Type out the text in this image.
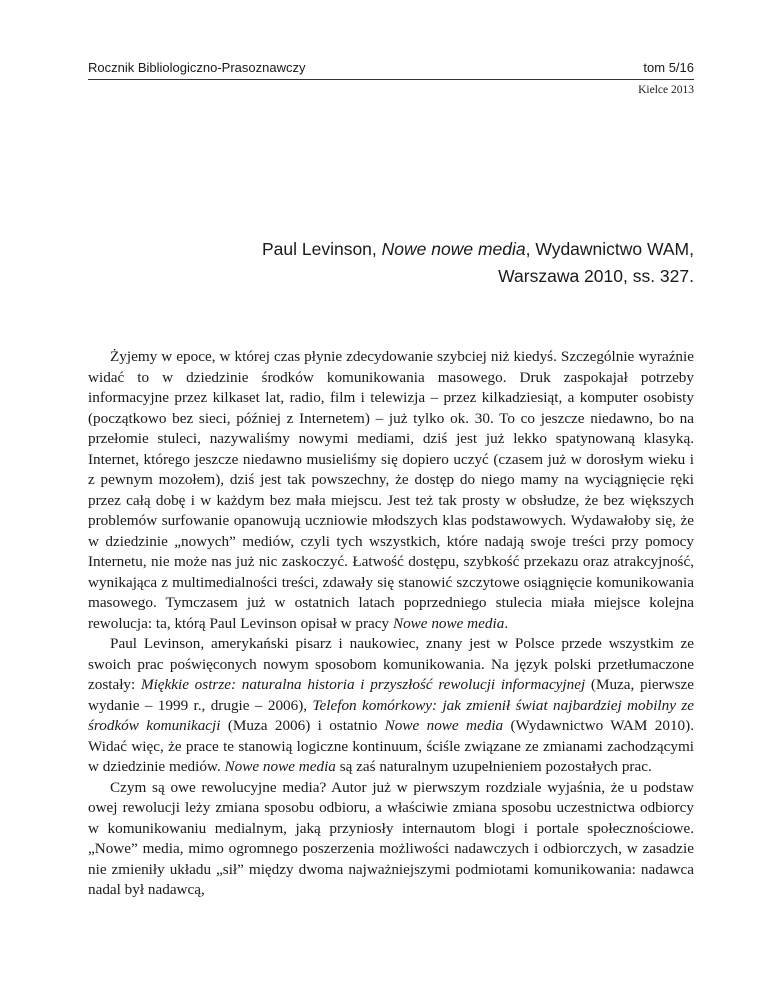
Rocznik Bibliologiczno-Prasoznawczy	tom 5/16
Kielce 2013
Paul Levinson, Nowe nowe media, Wydawnictwo WAM,
Warszawa 2010, ss. 327.

Żyjemy w epoce, w której czas płynie zdecydowanie szybciej niż kiedyś. Szczególnie wyraźnie widać to w dziedzinie środków komunikowania masowego. Druk zaspokajał potrzeby informacyjne przez kilkaset lat, radio, film i telewizja – przez kilkadziesiąt, a komputer osobisty (początkowo bez sieci, później z Internetem) – już tylko ok. 30. To co jeszcze niedawno, bo na przełomie stuleci, nazywaliśmy nowymi mediami, dziś jest już lekko spatynowaną klasyką. Internet, którego jeszcze niedawno musieliśmy się dopiero uczyć (czasem już w dorosłym wieku i z pewnym mozołem), dziś jest tak powszechny, że dostęp do niego mamy na wyciągnięcie ręki przez całą dobę i w każdym bez mała miejscu. Jest też tak prosty w obsłudze, że bez większych problemów surfowanie opanowują uczniowie młodszych klas podstawowych. Wydawałoby się, że w dziedzinie „nowych” mediów, czyli tych wszystkich, które nadają swoje treści przy pomocy Internetu, nie może nas już nic zaskoczyć. Łatwość dostępu, szybkość przekazu oraz atrakcyjność, wynikająca z multimedialności treści, zdawały się stanowić szczytowe osiągnięcie komunikowania masowego. Tymczasem już w ostatnich latach poprzedniego stulecia miała miejsce kolejna rewolucja: ta, którą Paul Levinson opisał w pracy Nowe nowe media.

Paul Levinson, amerykański pisarz i naukowiec, znany jest w Polsce przede wszystkim ze swoich prac poświęconych nowym sposobom komunikowania. Na język polski przetłumaczone zostały: Miękkie ostrze: naturalna historia i przyszłość rewolucji informacyjnej (Muza, pierwsze wydanie – 1999 r., drugie – 2006), Telefon komórkowy: jak zmienił świat najbardziej mobilny ze środków komunikacji (Muza 2006) i ostatnio Nowe nowe media (Wydawnictwo WAM 2010). Widać więc, że prace te stanowią logiczne kontinuum, ściśle związane ze zmianami zachodzącymi w dziedzinie mediów. Nowe nowe media są zaś naturalnym uzupełnieniem pozostałych prac.

Czym są owe rewolucyjne media? Autor już w pierwszym rozdziale wyjaśnia, że u podstaw owej rewolucji leży zmiana sposobu odbioru, a właściwie zmiana sposobu uczestnictwa odbiorcy w komunikowaniu medialnym, jaką przyniosły internautom blogi i portale społecznościowe. „Nowe” media, mimo ogromnego poszerzenia możliwości nadawczych i odbiorczych, w zasadzie nie zmieniły układu „sił” między dwoma najważniejszymi podmiotami komunikowania: nadawca nadal był nadawcą,
